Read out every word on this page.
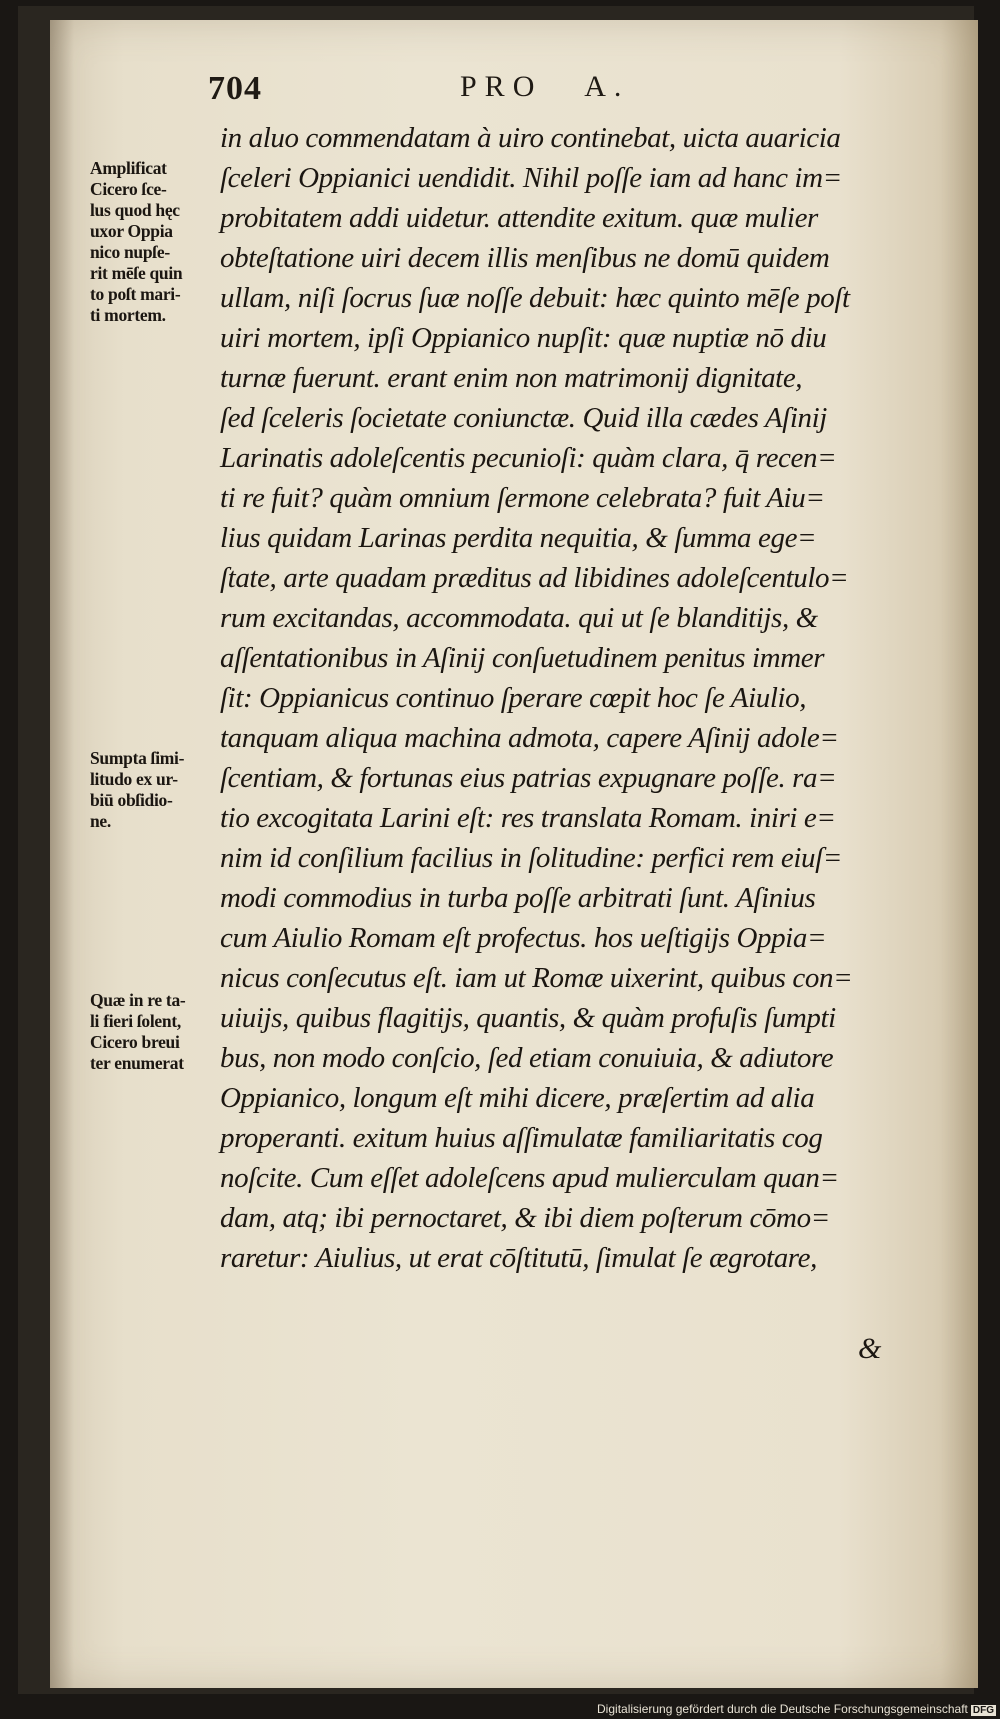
704	PRO A.
in aluo commendatam à uiro continebat, uicta auaricia
ſceleri Oppianici uendidit. Nihil poſſe iam ad hanc im=
probitatem addi uidetur. attendite exitum. quæ mulier
obteſtatione uiri decem illis menſibus ne domū quidem
ullam, niſi ſocrus ſuæ noſſe debuit: hæc quinto mēſe poſt
uiri mortem, ipſi Oppianico nupſit: quæ nuptiæ nō diu
turnæ fuerunt. erant enim non matrimonij dignitate,
ſed ſceleris ſocietate coniunctæ. Quid illa cædes Aſinij
Larinatis adoleſcentis pecunioſi: quàm clara, q̄ recen=
ti re fuit? quàm omnium ſermone celebrata? fuit Aiu=
lius quidam Larinas perdita nequitia, & ſumma ege=
ſtate, arte quadam præditus ad libidines adoleſcentulo=
rum excitandas, accommodata. qui ut ſe blanditijs, &
aſſentationibus in Aſinij conſuetudinem penitus immer
ſit: Oppianicus continuo ſperare cœpit hoc ſe Aiulio,
tanquam aliqua machina admota, capere Aſinij adole=
ſcentiam, & fortunas eius patrias expugnare poſſe. ra=
tio excogitata Larini eſt: res translata Romam. iniri e=
nim id conſilium facilius in ſolitudine: perfici rem eiuſ=
modi commodius in turba poſſe arbitrati ſunt. Aſinius
cum Aiulio Romam eſt profectus. hos ueſtigijs Oppia=
nicus conſecutus eſt. iam ut Romæ uixerint, quibus con=
uiuijs, quibus flagitijs, quantis, & quàm profuſis ſumpti
bus, non modo conſcio, ſed etiam conuiuia, & adiutore
Oppianico, longum eſt mihi dicere, præſertim ad alia
properanti. exitum huius aſſimulatæ familiaritatis cog
noſcite. Cum eſſet adoleſcens apud mulierculam quan=
dam, atq; ibi pernoctaret, & ibi diem poſterum cōmo=
raretur: Aiulius, ut erat cōſtitutū, ſimulat ſe ægrotare,
&
Amplificat
Cicero ſce-
lus quod hęc
uxor Oppia
nico nupſe-
rit mēſe quin
to poſt mari-
ti mortem.
Sumpta ſimi-
litudo ex ur-
biū obſidio-
ne.
Quæ in re ta-
li fieri ſolent,
Cicero breui
ter enumerat
Digitalisierung gefördert durch die Deutsche Forschungsgemeinschaft DFG
